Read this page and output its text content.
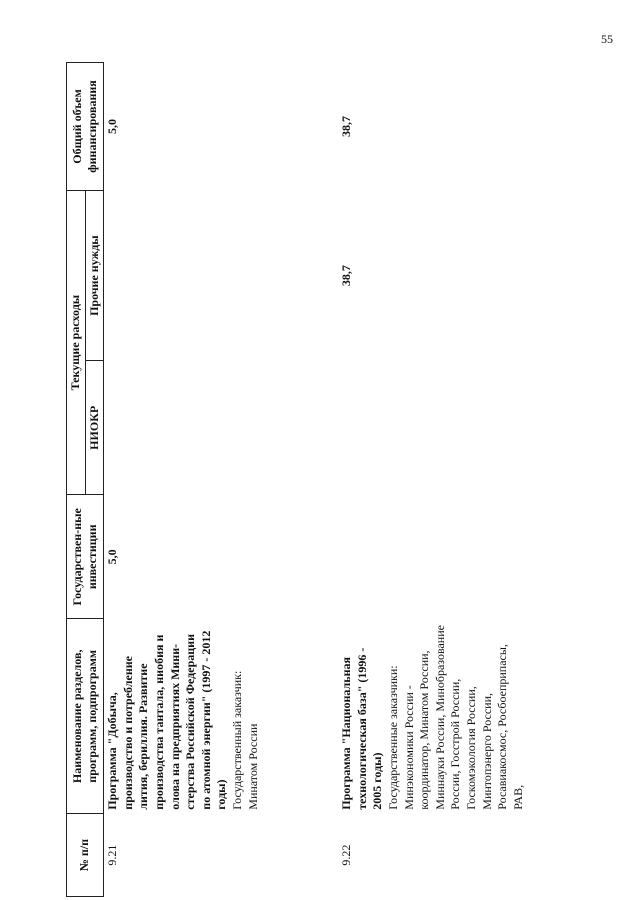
55
№ п/п	Наименование разделов, программ, подпрограмм	Государствен-ные инвестиции	Текущие расходы		Общий объем финансирования
			НИОКР	Прочие нужды	
9.21	Программа "Добыча, производство и потребление лития, бериллия. Развитие производства тантала, ниобия и олова на предприятиях Мини-стерства Российской Федерации по атомной энергии" (1997 - 2012 годы) Государственный заказчик: Минатом России	5,0			5,0
9.22	Программа "Национальная технологическая база" (1996 - 2005 годы) Государственные заказчики: Минэкономики России - координатор, Минатом России, Миннауки России, Минобразование России, Госстрой России, Госкомэкология России, Минтопэнерго России, Росавиакосмос, Росбоеприпасы, РАВ,			38,7	38,7
